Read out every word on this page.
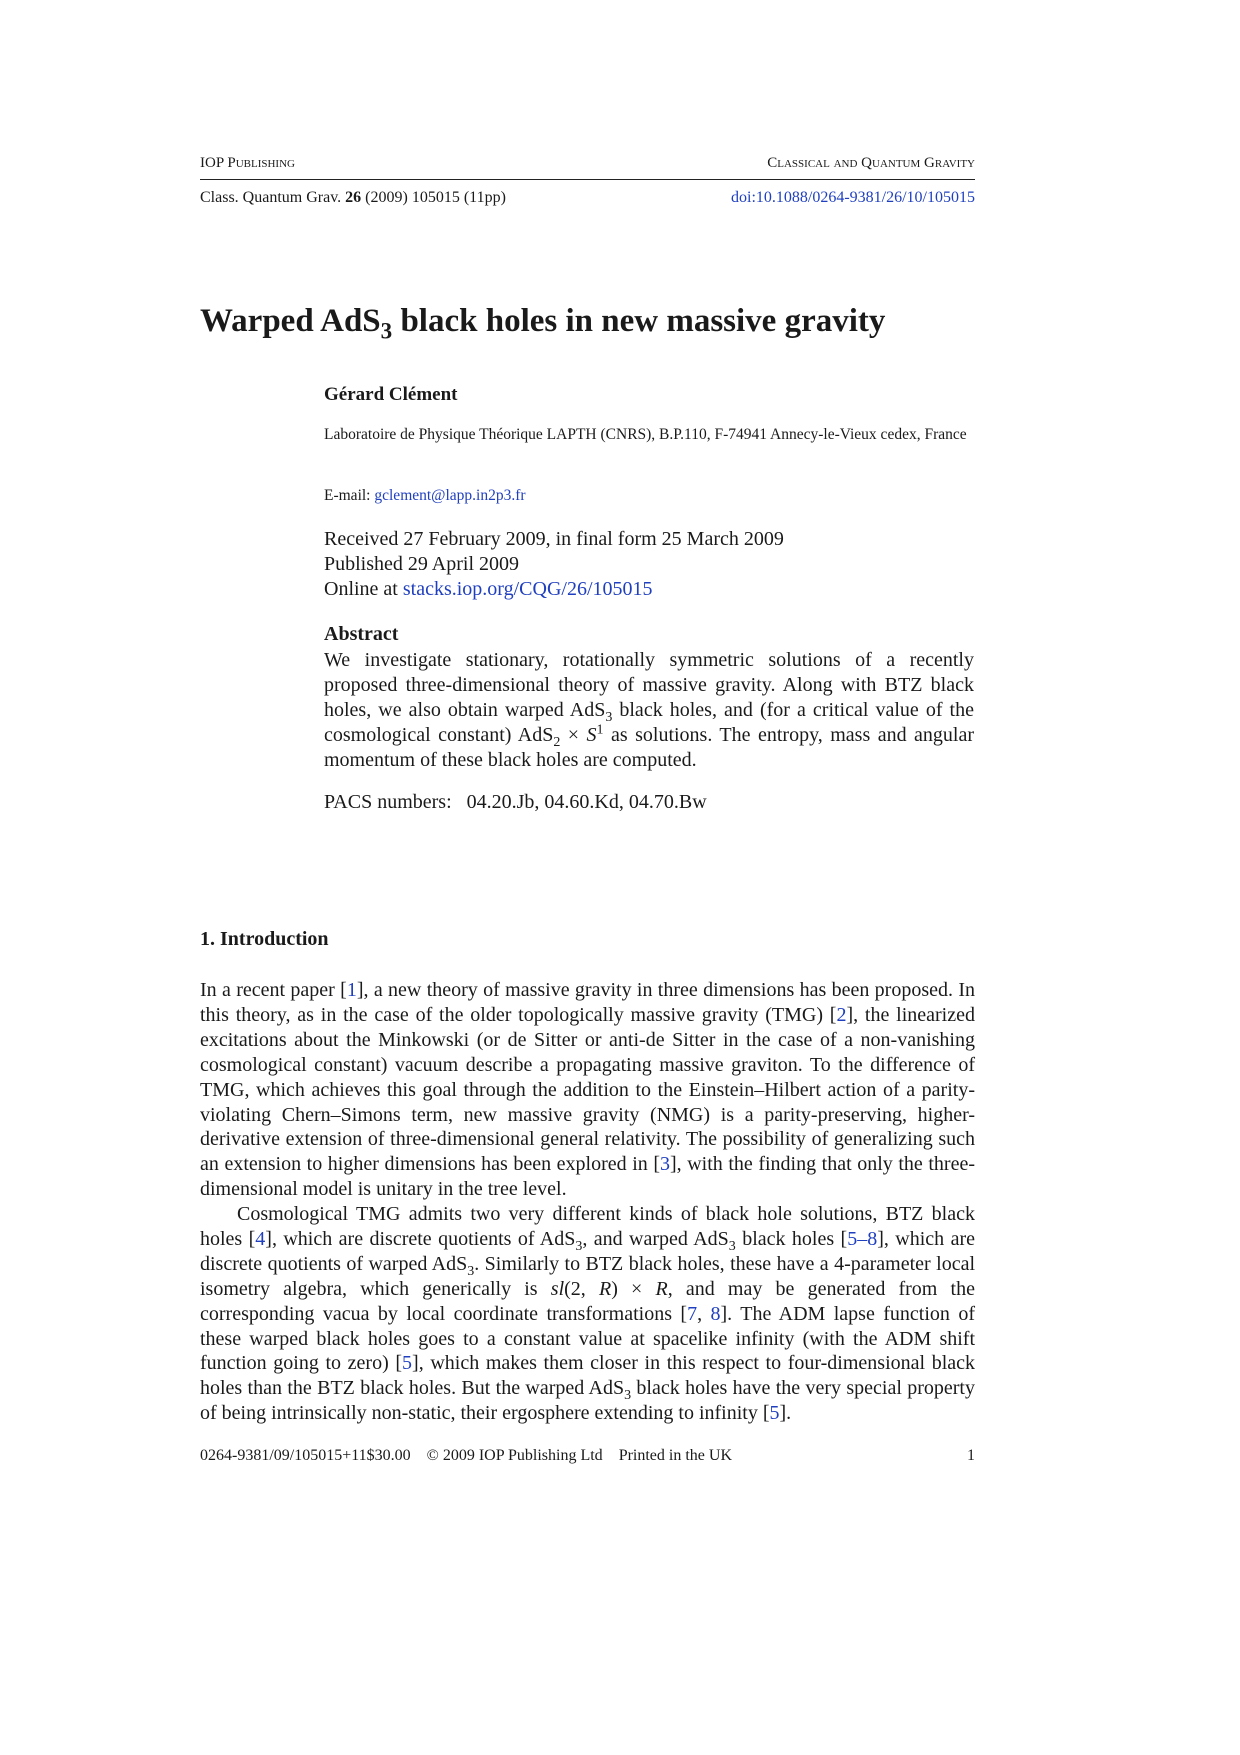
IOP Publishing	Classical and Quantum Gravity
Class. Quantum Grav. 26 (2009) 105015 (11pp)	doi:10.1088/0264-9381/26/10/105015
Warped AdS$_3$ black holes in new massive gravity
Gérard Clément
Laboratoire de Physique Théorique LAPTH (CNRS), B.P.110, F-74941 Annecy-le-Vieux cedex, France
E-mail: gclement@lapp.in2p3.fr
Received 27 February 2009, in final form 25 March 2009
Published 29 April 2009
Online at stacks.iop.org/CQG/26/105015
Abstract
We investigate stationary, rotationally symmetric solutions of a recently proposed three-dimensional theory of massive gravity. Along with BTZ black holes, we also obtain warped AdS$_3$ black holes, and (for a critical value of the cosmological constant) $AdS_2 \times S^1$ as solutions. The entropy, mass and angular momentum of these black holes are computed.
PACS numbers: 04.20.Jb, 04.60.Kd, 04.70.Bw
1. Introduction
In a recent paper [1], a new theory of massive gravity in three dimensions has been proposed. In this theory, as in the case of the older topologically massive gravity (TMG) [2], the linearized excitations about the Minkowski (or de Sitter or anti-de Sitter in the case of a non-vanishing cosmological constant) vacuum describe a propagating massive graviton. To the difference of TMG, which achieves this goal through the addition to the Einstein–Hilbert action of a parity-violating Chern–Simons term, new massive gravity (NMG) is a parity-preserving, higher-derivative extension of three-dimensional general relativity. The possibility of generalizing such an extension to higher dimensions has been explored in [3], with the finding that only the three-dimensional model is unitary in the tree level.
Cosmological TMG admits two very different kinds of black hole solutions, BTZ black holes [4], which are discrete quotients of AdS$_3$, and warped AdS$_3$ black holes [5–8], which are discrete quotients of warped AdS$_3$. Similarly to BTZ black holes, these have a 4-parameter local isometry algebra, which generically is sl(2, R) × R, and may be generated from the corresponding vacua by local coordinate transformations [7, 8]. The ADM lapse function of these warped black holes goes to a constant value at spacelike infinity (with the ADM shift function going to zero) [5], which makes them closer in this respect to four-dimensional black holes than the BTZ black holes. But the warped AdS$_3$ black holes have the very special property of being intrinsically non-static, their ergosphere extending to infinity [5].
0264-9381/09/105015+11$30.00 © 2009 IOP Publishing Ltd Printed in the UK	1
